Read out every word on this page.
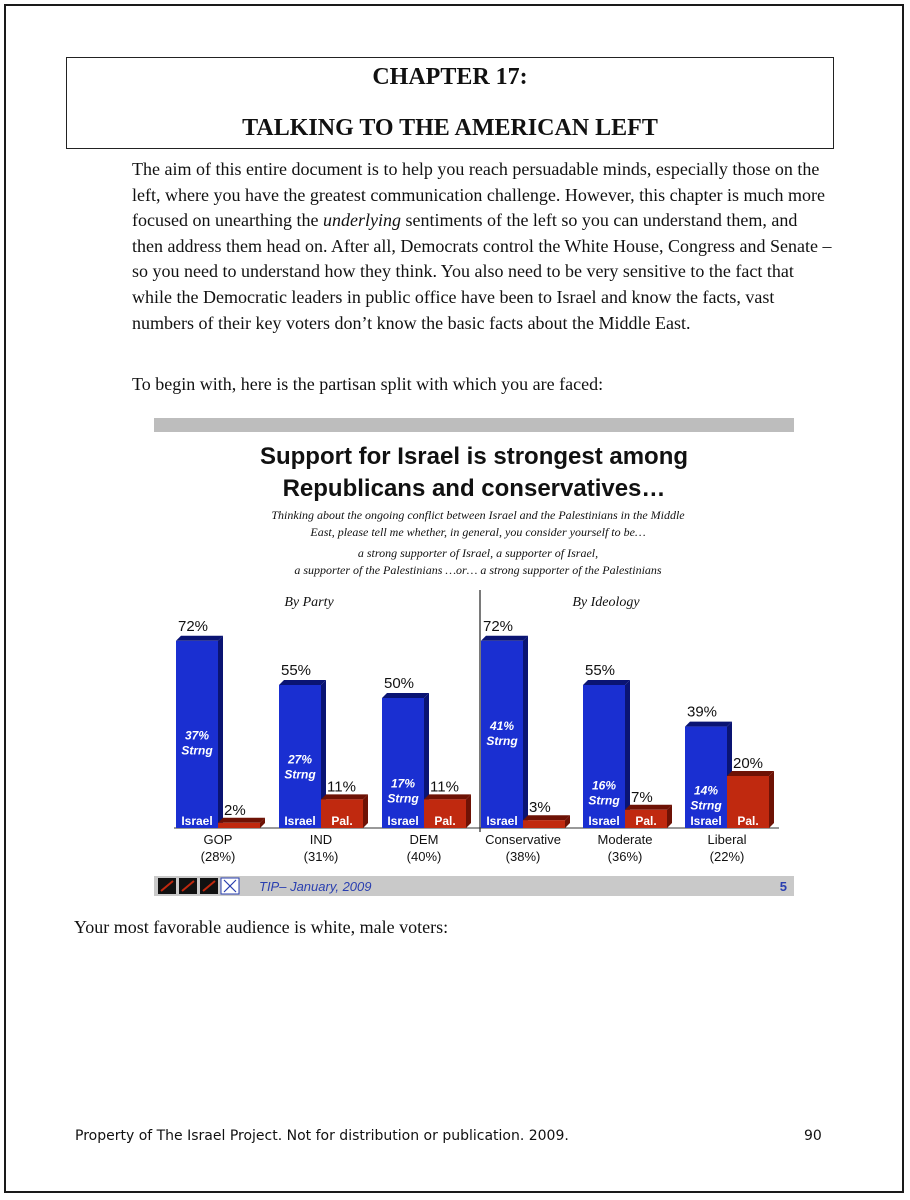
CHAPTER 17:
TALKING TO THE AMERICAN LEFT

The aim of this entire document is to help you reach persuadable minds, especially those on the left, where you have the greatest communication challenge. However, this chapter is much more focused on unearthing the underlying sentiments of the left so you can understand them, and then address them head on. After all, Democrats control the White House, Congress and Senate – so you need to understand how they think. You also need to be very sensitive to the fact that while the Democratic leaders in public office have been to Israel and know the facts, vast numbers of their key voters don’t know the basic facts about the Middle East.

To begin with, here is the partisan split with which you are faced:

Support for Israel is strongest among
Republicans and conservatives…
Thinking about the ongoing conflict between Israel and the Palestinians in the Middle
East, please tell me whether, in general, you consider yourself to be…
a strong supporter of Israel, a supporter of Israel,
a supporter of the Palestinians …or… a strong supporter of the Palestinians
By Party	By Ideology
72%
37%
Strng
Israel
2%
GOP
(28%)
55%
27%
Strng
Israel
11%
Pal.
IND
(31%)
50%
17%
Strng
Israel
11%
Pal.
DEM
(40%)
72%
41%
Strng
Israel
3%
Conservative
(38%)
55%
16%
Strng
Israel
7%
Pal.
Moderate
(36%)
39%
14%
Strng
Israel
20%
Pal.
Liberal
(22%)
TIP– January, 2009	5

Your most favorable audience is white, male voters:

Property of The Israel Project. Not for distribution or publication. 2009.	90
